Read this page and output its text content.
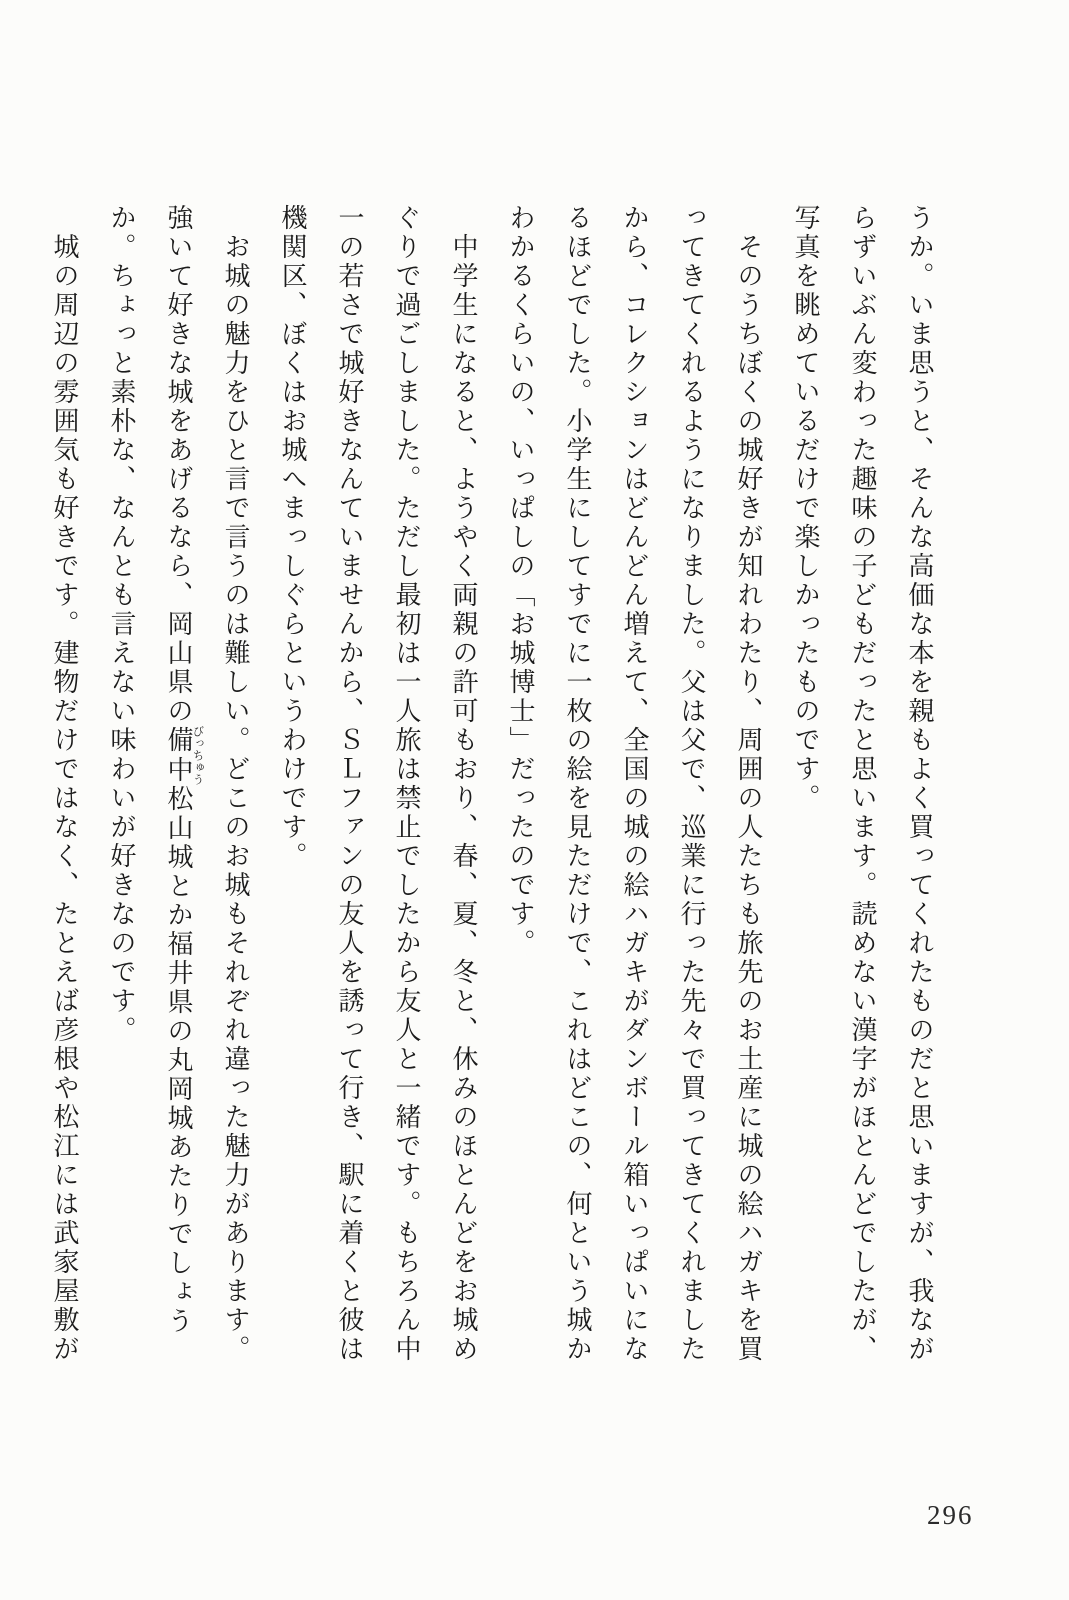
うか。いま思うと、そんな高価な本を親もよく買ってくれたものだと思いますが、我ながらずいぶん変わった趣味の子どもだったと思います。読めない漢字がほとんどでしたが、写真を眺めているだけで楽しかったものです。

そのうちぼくの城好きが知れわたり、周囲の人たちも旅先のお土産に城の絵ハガキを買ってきてくれるようになりました。父は父で、巡業に行った先々で買ってきてくれましたから、コレクションはどんどん増えて、全国の城の絵ハガキがダンボール箱いっぱいになるほどでした。小学生にしてすでに一枚の絵を見ただけで、これはどこの、何という城かわかるくらいの、いっぱしの「お城博士」だったのです。

中学生になると、ようやく両親の許可もおり、春、夏、冬と、休みのほとんどをお城めぐりで過ごしました。ただし最初は一人旅は禁止でしたから友人と一緒です。もちろん中一の若さで城好きなんていませんから、ＳＬファンの友人を誘って行き、駅に着くと彼は機関区、ぼくはお城へまっしぐらというわけです。

お城の魅力をひと言で言うのは難しい。どこのお城もそれぞれ違った魅力があります。強いて好きな城をあげるなら、岡山県の備中びっちゅう松山城とか福井県の丸岡城あたりでしょうか。ちょっと素朴な、なんとも言えない味わいが好きなのです。

城の周辺の雰囲気も好きです。建物だけではなく、たとえば彦根や松江には武家屋敷が

296
